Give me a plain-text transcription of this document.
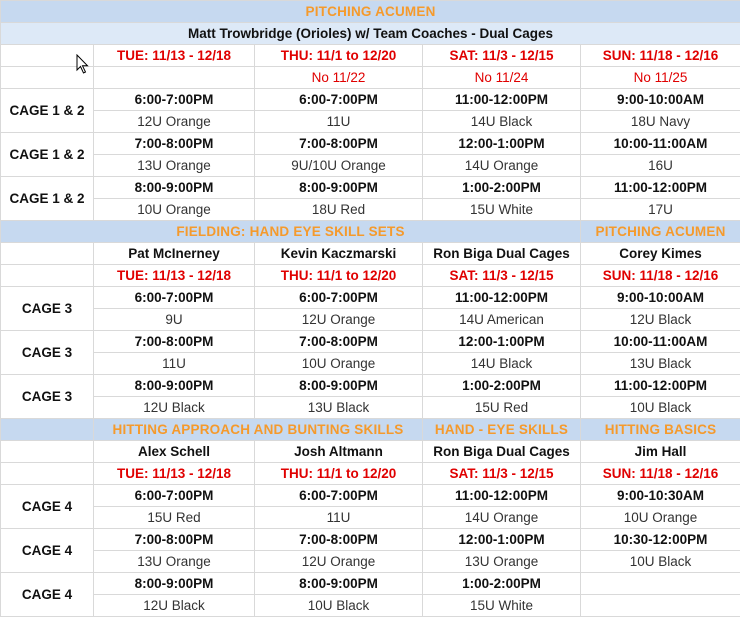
PITCHING ACUMEN				
Matt Trowbridge (Orioles) w/ Team Coaches - Dual Cages				
	TUE: 11/13 - 12/18	THU: 11/1 to 12/20	SAT: 11/3 - 12/15	SUN: 11/18 - 12/16
		No 11/22	No 11/24	No 11/25
CAGE 1 & 2	6:00-7:00PM	6:00-7:00PM	11:00-12:00PM	9:00-10:00AM
	12U Orange	11U	14U Black	18U Navy
CAGE 1 & 2	7:00-8:00PM	7:00-8:00PM	12:00-1:00PM	10:00-11:00AM
	13U Orange	9U/10U Orange	14U Orange	16U
CAGE 1 & 2	8:00-9:00PM	8:00-9:00PM	1:00-2:00PM	11:00-12:00PM
	10U Orange	18U Red	15U White	17U
FIELDING: HAND EYE SKILL SETS				PITCHING ACUMEN
	Pat McInerney	Kevin Kaczmarski	Ron Biga Dual Cages	Corey Kimes
	TUE: 11/13 - 12/18	THU: 11/1 to 12/20	SAT: 11/3 - 12/15	SUN: 11/18 - 12/16
CAGE 3	6:00-7:00PM	6:00-7:00PM	11:00-12:00PM	9:00-10:00AM
	9U	12U Orange	14U American	12U Black
CAGE 3	7:00-8:00PM	7:00-8:00PM	12:00-1:00PM	10:00-11:00AM
	11U	10U Orange	14U Black	13U Black
CAGE 3	8:00-9:00PM	8:00-9:00PM	1:00-2:00PM	11:00-12:00PM
	12U Black	13U Black	15U Red	10U Black
	HITTING APPROACH AND BUNTING SKILLS		HAND - EYE SKILLS	HITTING BASICS
	Alex Schell	Josh Altmann	Ron Biga Dual Cages	Jim Hall
	TUE: 11/13 - 12/18	THU: 11/1 to 12/20	SAT: 11/3 - 12/15	SUN: 11/18 - 12/16
CAGE 4	6:00-7:00PM	6:00-7:00PM	11:00-12:00PM	9:00-10:30AM
	15U Red	11U	14U Orange	10U Orange
CAGE 4	7:00-8:00PM	7:00-8:00PM	12:00-1:00PM	10:30-12:00PM
	13U Orange	12U Orange	13U Orange	10U Black
CAGE 4	8:00-9:00PM	8:00-9:00PM	1:00-2:00PM	
	12U Black	10U Black	15U White	
